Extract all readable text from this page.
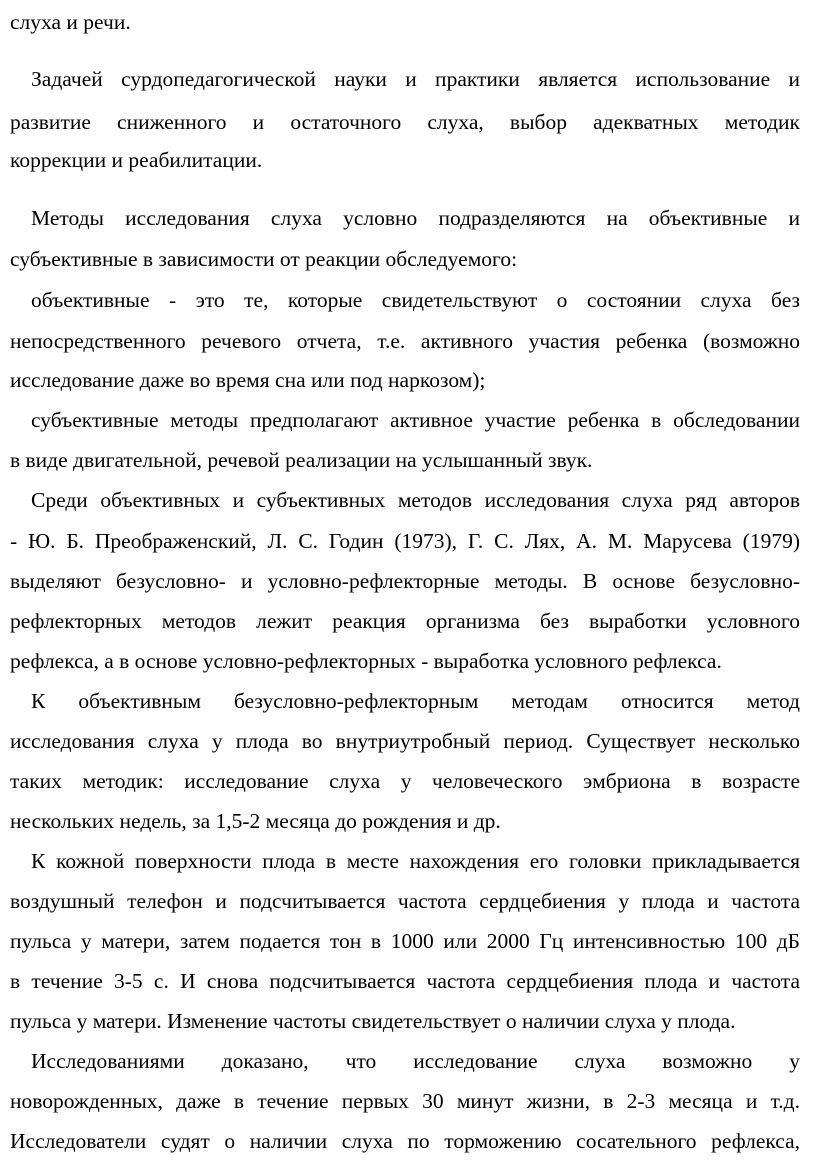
слуха и речи.
Задачей сурдопедагогической науки и практики является использование и
развитие сниженного и остаточного слуха, выбор адекватных методик
коррекции и реабилитации.
Методы исследования слуха условно подразделяются на объективные и
субъективные в зависимости от реакции обследуемого:
объективные - это те, которые свидетельствуют о состоянии слуха без
непосредственного речевого отчета, т.е. активного участия ребенка (возможно
исследование даже во время сна или под наркозом);
субъективные методы предполагают активное участие ребенка в обследовании
в виде двигательной, речевой реализации на услышанный звук.
Среди объективных и субъективных методов исследования слуха ряд авторов
- Ю. Б. Преображенский, Л. С. Годин (1973), Г. С. Лях, А. М. Марусева (1979)
выделяют безусловно- и условно-рефлекторные методы. В основе безусловно-
рефлекторных методов лежит реакция организма без выработки условного
рефлекса, а в основе условно-рефлекторных - выработка условного рефлекса.
К объективным безусловно-рефлекторным методам относится метод
исследования слуха у плода во внутриутробный период. Существует несколько
таких методик: исследование слуха у человеческого эмбриона в возрасте
нескольких недель, за 1,5-2 месяца до рождения и др.
К кожной поверхности плода в месте нахождения его головки прикладывается
воздушный телефон и подсчитывается частота сердцебиения у плода и частота
пульса у матери, затем подается тон в 1000 или 2000 Гц интенсивностью 100 дБ
в течение 3-5 с. И снова подсчитывается частота сердцебиения плода и частота
пульса у матери. Изменение частоты свидетельствует о наличии слуха у плода.
Исследованиями доказано, что исследование слуха возможно у
новорожденных, даже в течение первых 30 минут жизни, в 2-3 месяца и т.д.
Исследователи судят о наличии слуха по торможению сосательного рефлекса,
